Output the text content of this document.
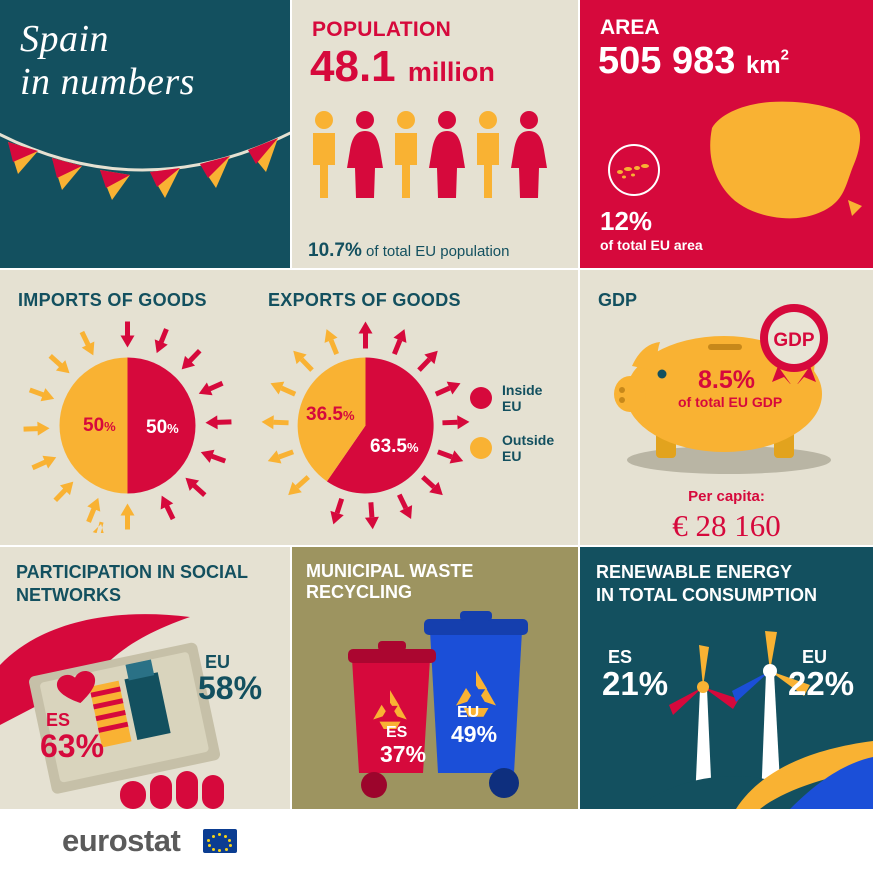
Spain
in numbers
POPULATION
48.1 million
10.7% of total EU population
AREA
505 983 $km^2$
12%
of total EU area
IMPORTS OF GOODS	EXPORTS OF GOODS
50% 50%
36.5%
63.5%
Inside
EU
Outside
EU
GDP
GDP
8.5%
of total EU GDP
Per capita:
€ 28 160
PARTICIPATION IN SOCIAL
NETWORKS
EU
58%
ES
63%
MUNICIPAL WASTE RECYCLING
ES
37%
EU
49%
RENEWABLE ENERGY
IN TOTAL CONSUMPTION
ES
21%
EU
22%
eurostat
